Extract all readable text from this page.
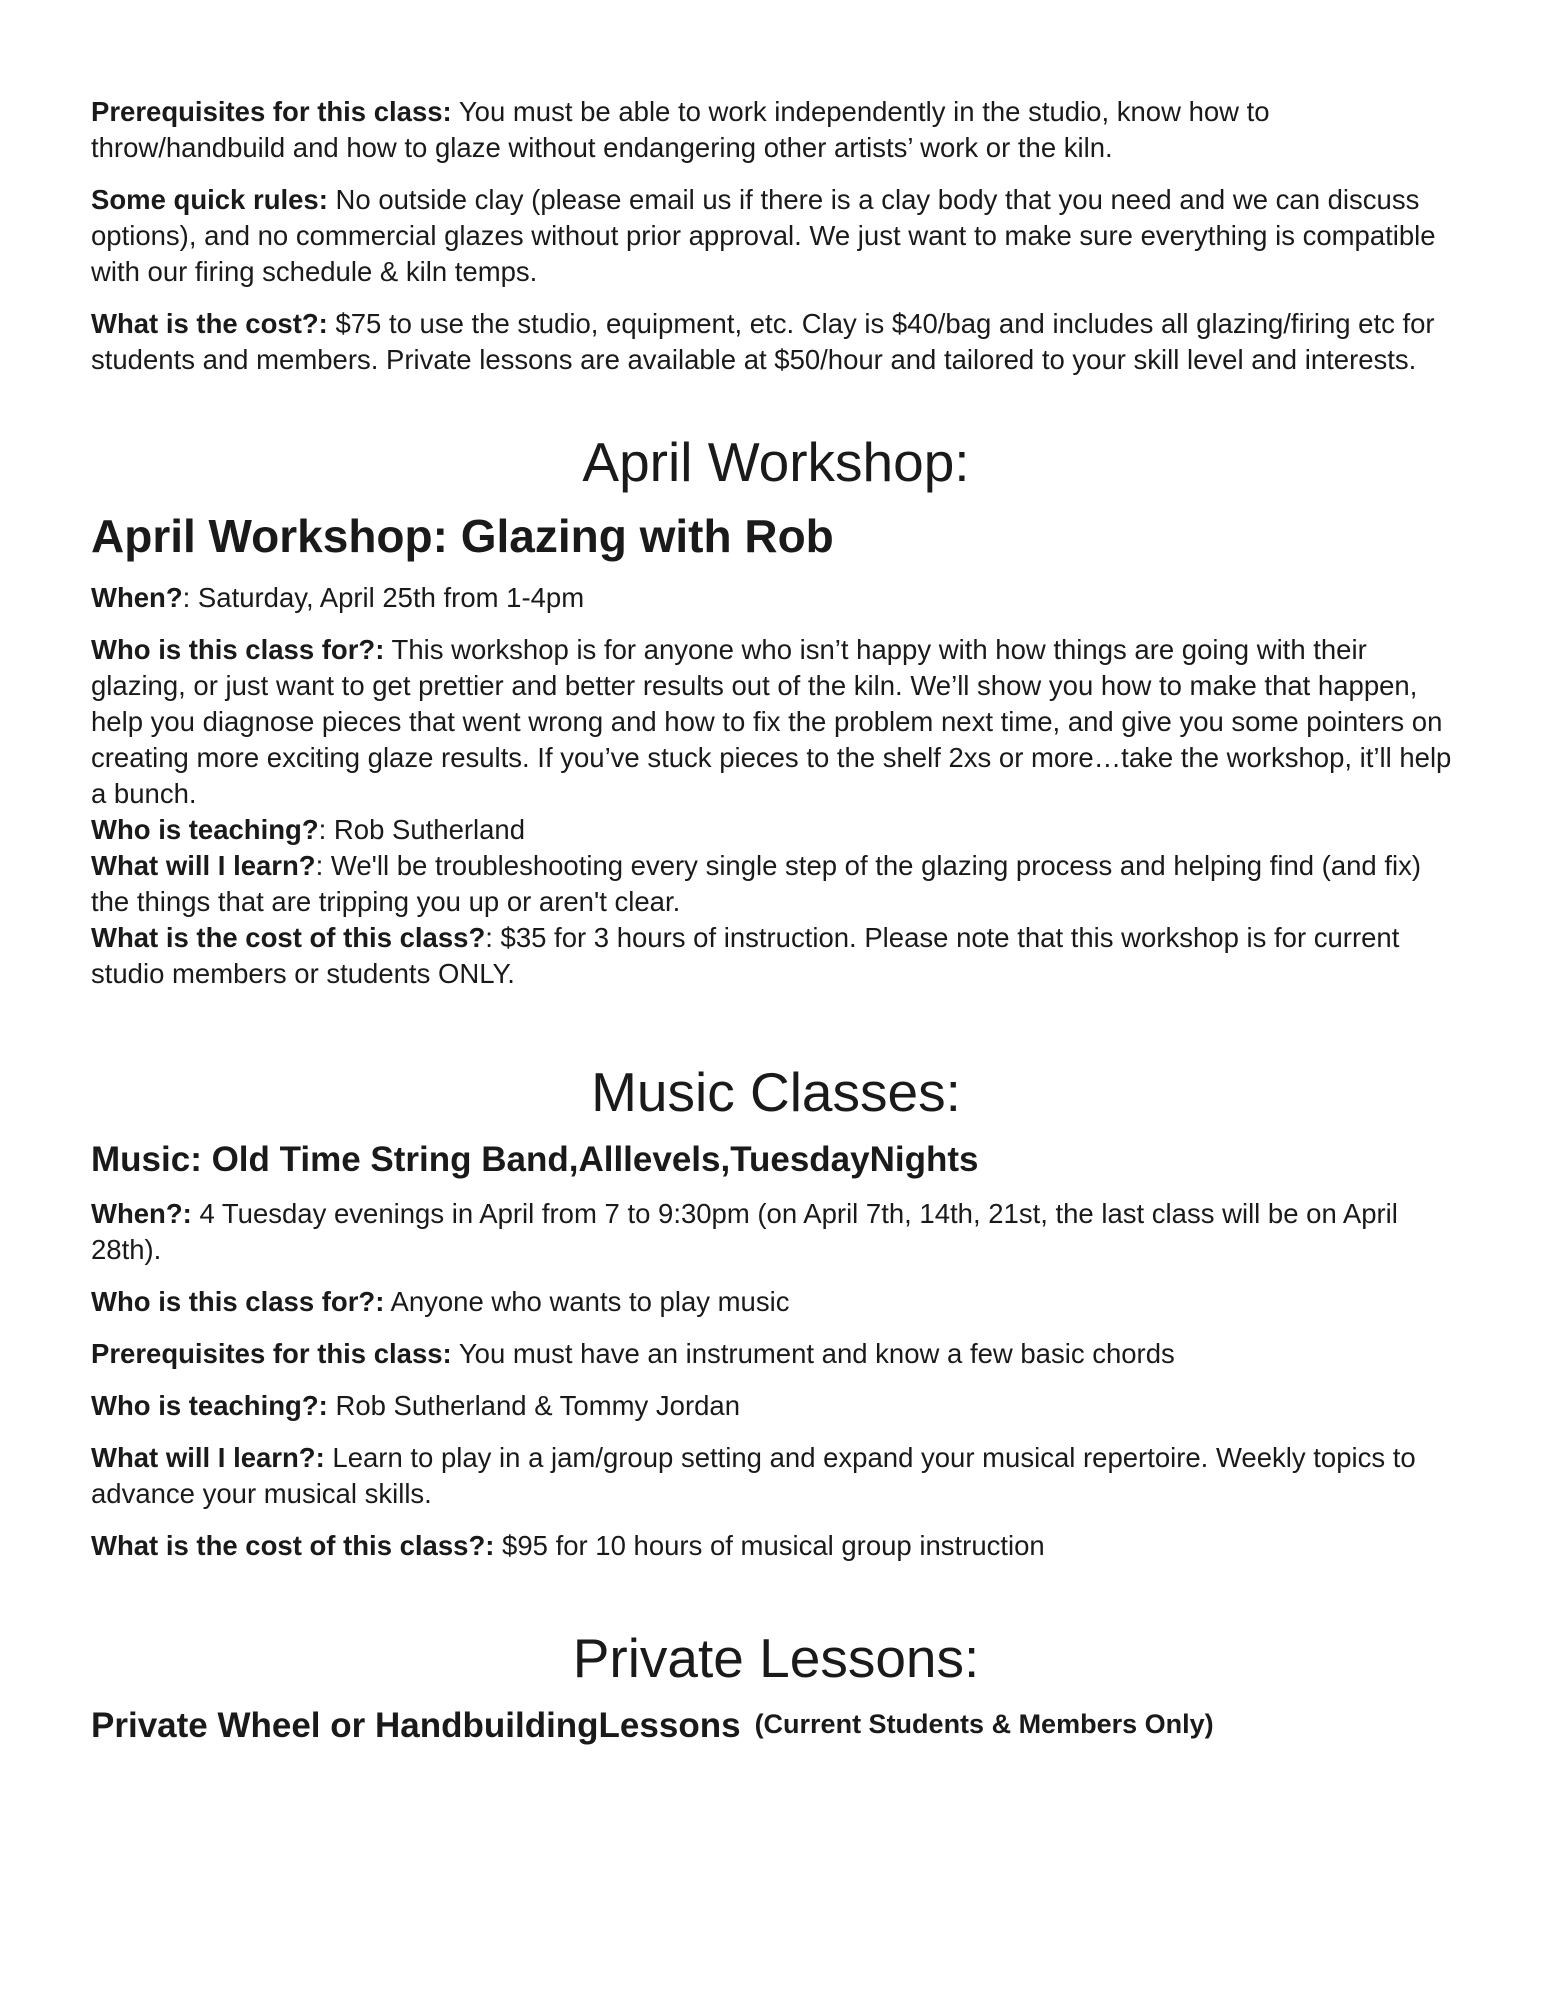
Prerequisites for this class: You must be able to work independently in the studio, know how to throw/handbuild and how to glaze without endangering other artists’ work or the kiln.

Some quick rules: No outside clay (please email us if there is a clay body that you need and we can discuss options), and no commercial glazes without prior approval. We just want to make sure everything is compatible with our firing schedule & kiln temps.

What is the cost?: $75 to use the studio, equipment, etc. Clay is $40/bag and includes all glazing/firing etc for students and members. Private lessons are available at $50/hour and tailored to your skill level and interests.

April Workshop:
April Workshop: Glazing with Rob

When?: Saturday, April 25th from 1-4pm

Who is this class for?: This workshop is for anyone who isn’t happy with how things are going with their glazing, or just want to get prettier and better results out of the kiln. We’ll show you how to make that happen, help you diagnose pieces that went wrong and how to fix the problem next time, and give you some pointers on creating more exciting glaze results. If you’ve stuck pieces to the shelf 2xs or more…take the workshop, it’ll help a bunch.

Who is teaching?: Rob Sutherland

What will I learn?: We'll be troubleshooting every single step of the glazing process and helping find (and fix) the things that are tripping you up or aren't clear.

What is the cost of this class?: $35 for 3 hours of instruction. Please note that this workshop is for current studio members or students ONLY.

Music Classes:
Music: Old Time String Band,Alllevels,TuesdayNights

When?: 4 Tuesday evenings in April from 7 to 9:30pm (on April 7th, 14th, 21st, the last class will be on April 28th).

Who is this class for?: Anyone who wants to play music

Prerequisites for this class: You must have an instrument and know a few basic chords

Who is teaching?: Rob Sutherland & Tommy Jordan

What will I learn?: Learn to play in a jam/group setting and expand your musical repertoire. Weekly topics to advance your musical skills.

What is the cost of this class?: $95 for 10 hours of musical group instruction

Private Lessons:
Private Wheel or HandbuildingLessons (Current Students & Members Only)
